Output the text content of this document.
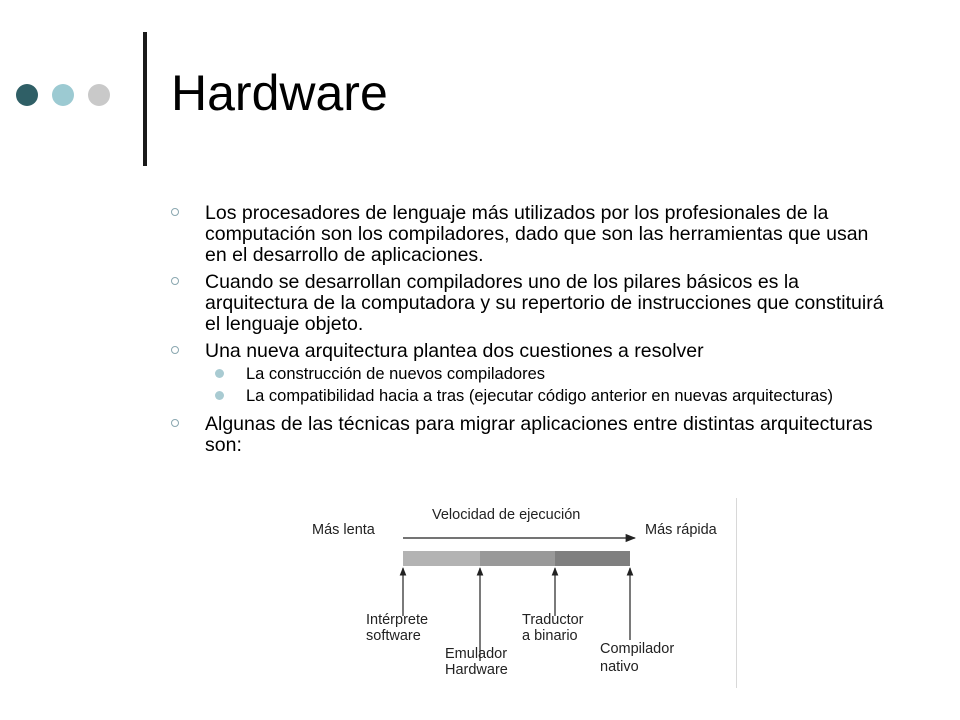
Hardware
Los procesadores de lenguaje más utilizados por los profesionales de la computación son los compiladores, dado que son las herramientas que usan en el desarrollo de aplicaciones.
Cuando se desarrollan compiladores uno de los pilares básicos es la arquitectura de la computadora y su repertorio de instrucciones que constituirá el lenguaje objeto.
Una nueva arquitectura plantea dos cuestiones a resolver
La construcción de nuevos compiladores
La compatibilidad hacia a tras (ejecutar código anterior en nuevas arquitecturas)
Algunas de las técnicas para migrar aplicaciones entre distintas arquitecturas son:
Velocidad de ejecución
Más lenta	Más rápida
Intérprete
software
Emulador
Hardware
Traductor
a binario
Compilador
nativo
